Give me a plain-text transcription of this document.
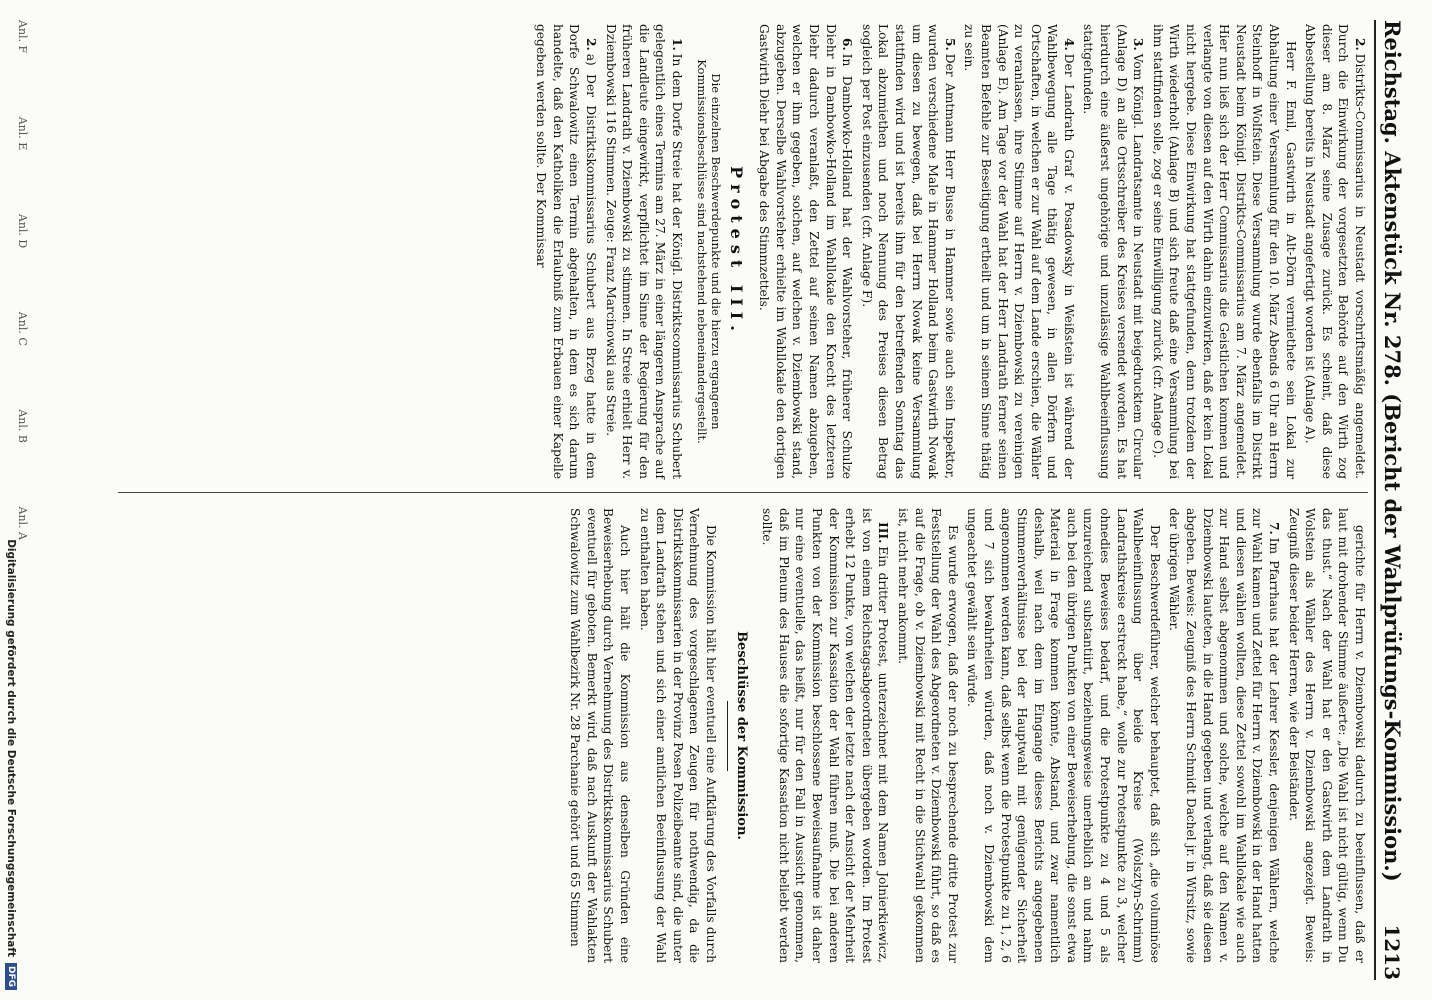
Reichstag. Aktenstück Nr. 278. (Bericht der Wahlprüfungs-Kommission.)
1213

2.Distrikts-Commissarius in Neustadt vorschriftsmäßig angemeldet. Durch die Einwirkung der vorgesetzten Behörde auf den Wirth zog dieser am 8. März seine Zusage zurück. Es scheint, daß diese Abbestellung bereits in Neustadt angefertigt worden ist (Anlage A).

Herr F. Emil, Gastwirth in Alt-Dörn vermiethete sein Lokal zur Abhaltung einer Versammlung für den 10. März Abends 6 Uhr an Herrn Steinhoff in Wolfstein. Diese Versammlung wurde ebenfalls im Distrikt Neustadt beim Königl. Distrikts-Commissarius am 7. März angemeldet. Hier nun ließ sich der Herr Commissarius die Geistlichen kommen und verlangte von diesen auf den Wirth dahin einzuwirken, daß er kein Lokal nicht hergebe. Diese Einwirkung hat stattgefunden, denn trotzdem der Wirth wiederholt (Anlage B) und sich freute daß eine Versammlung bei ihm stattfinden solle, zog er seine Einwilligung zurück (cfr. Anlage C).

3.Vom Königl. Landratsamte in Neustadt mit beigedrucktem Circular (Anlage D) an alle Ortsschreiber des Kreises versendet worden. Es hat hierdurch eine äußerst ungehörige und unzulässige Wahlbeeinflussung stattgefunden.

4.Der Landrath Graf v. Posadowsky in Weißstein ist während der Wahlbewegung alle Tage thätig gewesen, in allen Dörfern und Ortschaften, in welchen er zur Wahl auf dem Lande erschien, die Wähler zu veranlassen, ihre Stimme auf Herrn v. Dziembowski zu vereinigen (Anlage E). Am Tage vor der Wahl hat der Herr Landrath ferner seinen Beamten Befehle zur Beseitigung ertheilt und um in seinem Sinne thätig zu sein.

5.Der Amtmann Herr Busse in Hammer sowie auch sein Inspektor, wurden verschiedene Male in Hammer Holland beim Gastwirth Nowak um diesen zu bewegen, daß bei Herrn Nowak keine Versammlung stattfinden wird und ist bereits ihm für den betreffenden Sonntag das Lokal abzumiethen und noch Nennung des Preises diesen Betrag sogleich per Post einzusenden (cfr. Anlage F).

6.In Dambowko-Holland hat der Wahlvorsteher, früherer Schulze Diehr in Dambowko-Holland im Wahllokale den Knecht des letzteren Diehr dadurch veranlaßt, den Zettel auf seinen Namen abzugeben, welchen er ihm gegeben, solchen, auf welchen v. Dziembowski stand, abzugeben. Derselbe Wahlvorsteher erhielte im Wahllokale den dortigen Gastwirth Diehr bei Abgabe des Stimmzettels.

Protest III.

Die einzelnen Beschwerdepunkte und die hierzu ergangenen Kommissionsbeschlüsse sind nachstehend nebeneinandergestellt.

1.In dem Dorfe Streie hat der Königl. Distriktscommissarius Schubert gelegentlich eines Termins am 27. März in einer längeren Ansprache auf die Landleute eingewirkt, verpflichtet im Sinne der Regierung für den früheren Landrath v. Dziembowski zu stimmen. In Streie erhielt Herr v. Dziembowski 116 Stimmen. Zeuge: Franz Marcinowski aus Streie.

2.a) Der Distriktskommissarius Schubert aus Brzeg hatte in dem Dorfe Schwalowitz einen Termin abgehalten, in dem es sich darum handelte, daß den Katholiken die Erlaubniß zum Erbauen einer Kapelle gegeben werden sollte. Der Kommissar

gerichte für Herrn v. Dziembowski dadurch zu beeinflussen, daß er laut mit drohender Stimme äußerte: „Die Wahl ist nicht gültig, wenn Du das thust.“ Nach der Wahl hat er den Gastwirth dem Landrath in Wolstein als Wähler des Herrn v. Dziembowski angezeigt. Beweis: Zeugniß dieser beider Herren, wie der Beiständer.

7.Im Pfarrhaus hat der Lehrer Kessler, denjenigen Wählern, welche zur Wahl kamen und Zettel für Herrn v. Dziembowski in der Hand hatten und diesen wählen wollten, diese Zettel sowohl im Wahllokale wie auch zur Hand selbst abgenommen und solche, welche auf den Namen v. Dziembowski lauteten, in die Hand gegeben und verlangt, daß sie diesen abgeben. Beweis: Zeugniß des Herrn Schmidt Dachel jr. in Wirsitz, sowie der übrigen Wähler.

Der Beschwerdeführer, welcher behauptet, daß sich „die voluminöse Wahlbeeinflussung über beide Kreise (Wolsztyn-Schrimm) Landrathskreise erstreckt habe,“ wolle zur Protestpunkte zu 3, welcher ohnedies Beweises bedarf, und die Protestpunkte zu 4 und 5 als unzureichend substantiirt, beziehungsweise unerheblich an und nahm auch bei den übrigen Punkten von einer Beweiserhebung, die sonst etwa Material in Frage kommen könnte, Abstand, und zwar namentlich deshalb, weil nach dem im Eingange dieses Berichts angegebenen Stimmenverhältnisse bei der Hauptwahl mit genügender Sicherheit angenommen werden kann, daß selbst wenn die Protestpunkte zu 1, 2, 6 und 7 sich bewahrheiten würden, daß noch v. Dziembowski dem ungeachtet gewählt sein würde.

Es wurde erwogen, daß der noch zu besprechende dritte Protest zur Feststellung der Wahl des Abgeordneten v. Dziembowski führt, so daß es auf die Frage, ob v. Dziembowski mit Recht in die Stichwahl gekommen ist, nicht mehr ankommt.

III.Ein dritter Protest, unterzeichnet mit dem Namen Jolnierkiewicz, ist von einem Reichstagsabgeordneten übergeben worden. Im Protest erhebt 12 Punkte, von welchen der letzte nach der Ansicht der Mehrheit der Kommission zur Kassation der Wahl führen muß. Die bei anderen Punkten von der Kommission beschlossene Beweisaufnahme ist daher nur eine eventuelle, das heißt, nur für den Fall in Aussicht genommen, daß im Plenum des Hauses die sofortige Kassation nicht beliebt werden sollte.

Beschlüsse der Kommission.

Die Kommission hält hier eventuell eine Aufklärung des Vorfalls durch Vernehmung des vorgeschlagenen Zeugen für nothwendig, da die Distriktskommissarien in der Provinz Posen Polizeibeamte sind, die unter dem Landrath stehen und sich einer amtlichen Beeinflussung der Wahl zu enthalten haben.

Auch hier hält die Kommission aus denselben Gründen eine Beweiserhebung durch Vernehmung des Distriktskommissarius Schubert eventuell für geboten. Bemerkt wird, daß nach Auskunft der Wahlakten Schwalowitz zum Wahlbezirk Nr. 28 Parchanie gehört und 65 Stimmen

Anl. F
Anl. E
Anl. D
Anl. C
Anl. B
Anl. A
Digitalisierung gefördert durch die Deutsche Forschungsgemeinschaft
DFG
